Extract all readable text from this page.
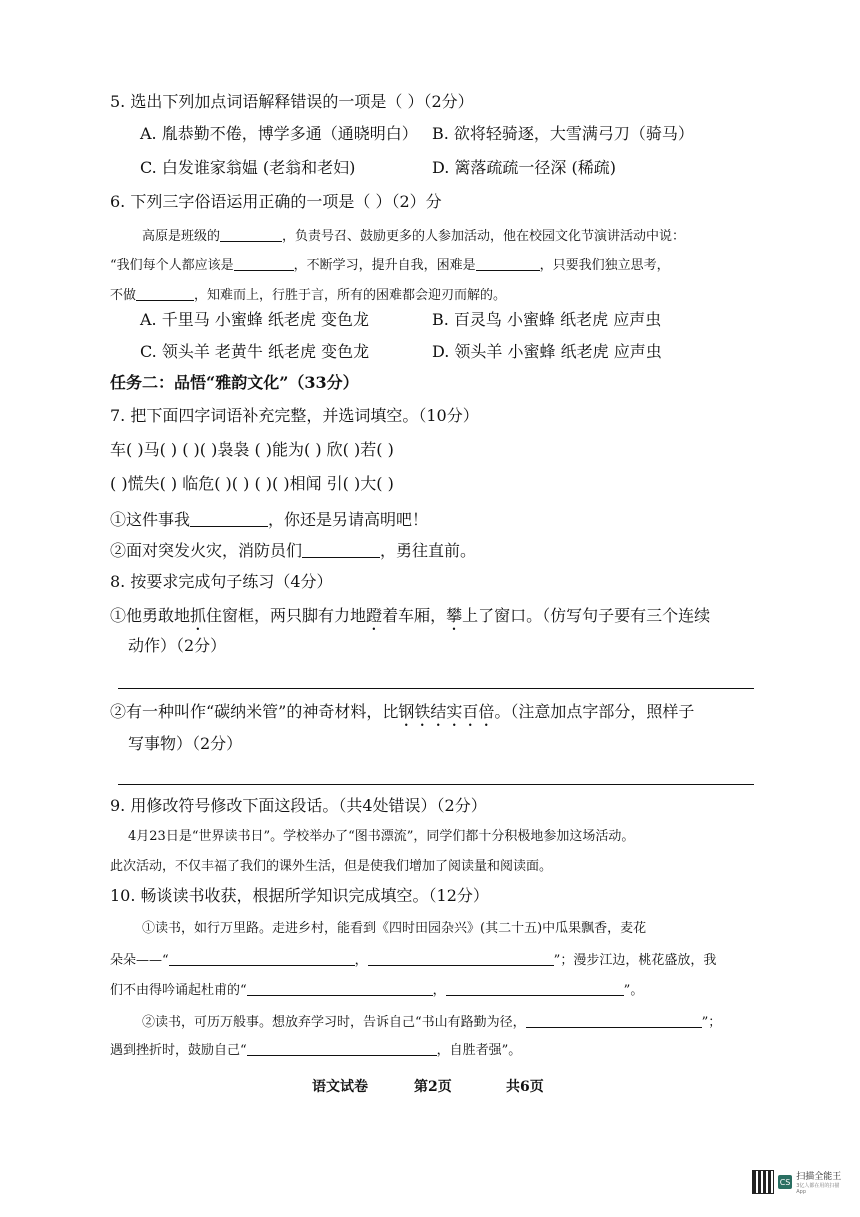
5. 选出下列加点词语解释错误的一项是（ ）（2分）
A. 胤恭勤不倦，博学多通（通晓明白） B. 欲将轻骑逐，大雪满弓刀（骑马）
C. 白发谁家翁媪 (老翁和老妇)	D. 篱落疏疏一径深 (稀疏)
6. 下列三字俗语运用正确的一项是（ ）（2）分
高原是班级的	，负责号召、鼓励更多的人参加活动，他在校园文化节演讲活动中说：
“我们每个人都应该是	，不断学习，提升自我，困难是	，只要我们独立思考，
不做	，知难而上，行胜于言，所有的困难都会迎刃而解的。
A. 千里马 小蜜蜂 纸老虎 变色龙	B. 百灵鸟 小蜜蜂 纸老虎 应声虫
C. 领头羊 老黄牛 纸老虎 变色龙	D. 领头羊 小蜜蜂 纸老虎 应声虫
任务二：品悟“雅韵文化”（33分）
7. 把下面四字词语补充完整，并选词填空。（10分）
车( )马( ) ( )( )袅袅 ( )能为( ) 欣( )若( )
( )慌失( ) 临危( )( ) ( )( )相闻 引( )大( )
①这件事我	，你还是另请高明吧！
②面对突发火灾，消防员们	，勇往直前。
8. 按要求完成句子练习（4分）
①他勇敢地抓住窗框，两只脚有力地蹬着车厢，攀上了窗口。（仿写句子要有三个连续
动作）（2分）
②有一种叫作“碳纳米管”的神奇材料，比钢铁结实百倍。（注意加点字部分，照样子
写事物）（2分）
9. 用修改符号修改下面这段话。（共4处错误）（2分）
4月23日是“世界读书日”。学校举办了“图书漂流”，同学们都十分积极地参加这场活动。
此次活动，不仅丰福了我们的课外生活，但是使我们增加了阅读量和阅读面。
10. 畅谈读书收获，根据所学知识完成填空。（12分）
①读书，如行万里路。走进乡村，能看到《四时田园杂兴》(其二十五)中瓜果飘香，麦花
朵朵——“	，	”；漫步江边，桃花盛放，我
们不由得吟诵起杜甫的“	，	”。
②读书，可历万般事。想放弃学习时，告诉自己“书山有路勤为径，	”；
遇到挫折时，鼓励自己“	，自胜者强”。
语文试卷	第2页	共6页
CS 扫描全能王
3亿人都在用的扫描App
